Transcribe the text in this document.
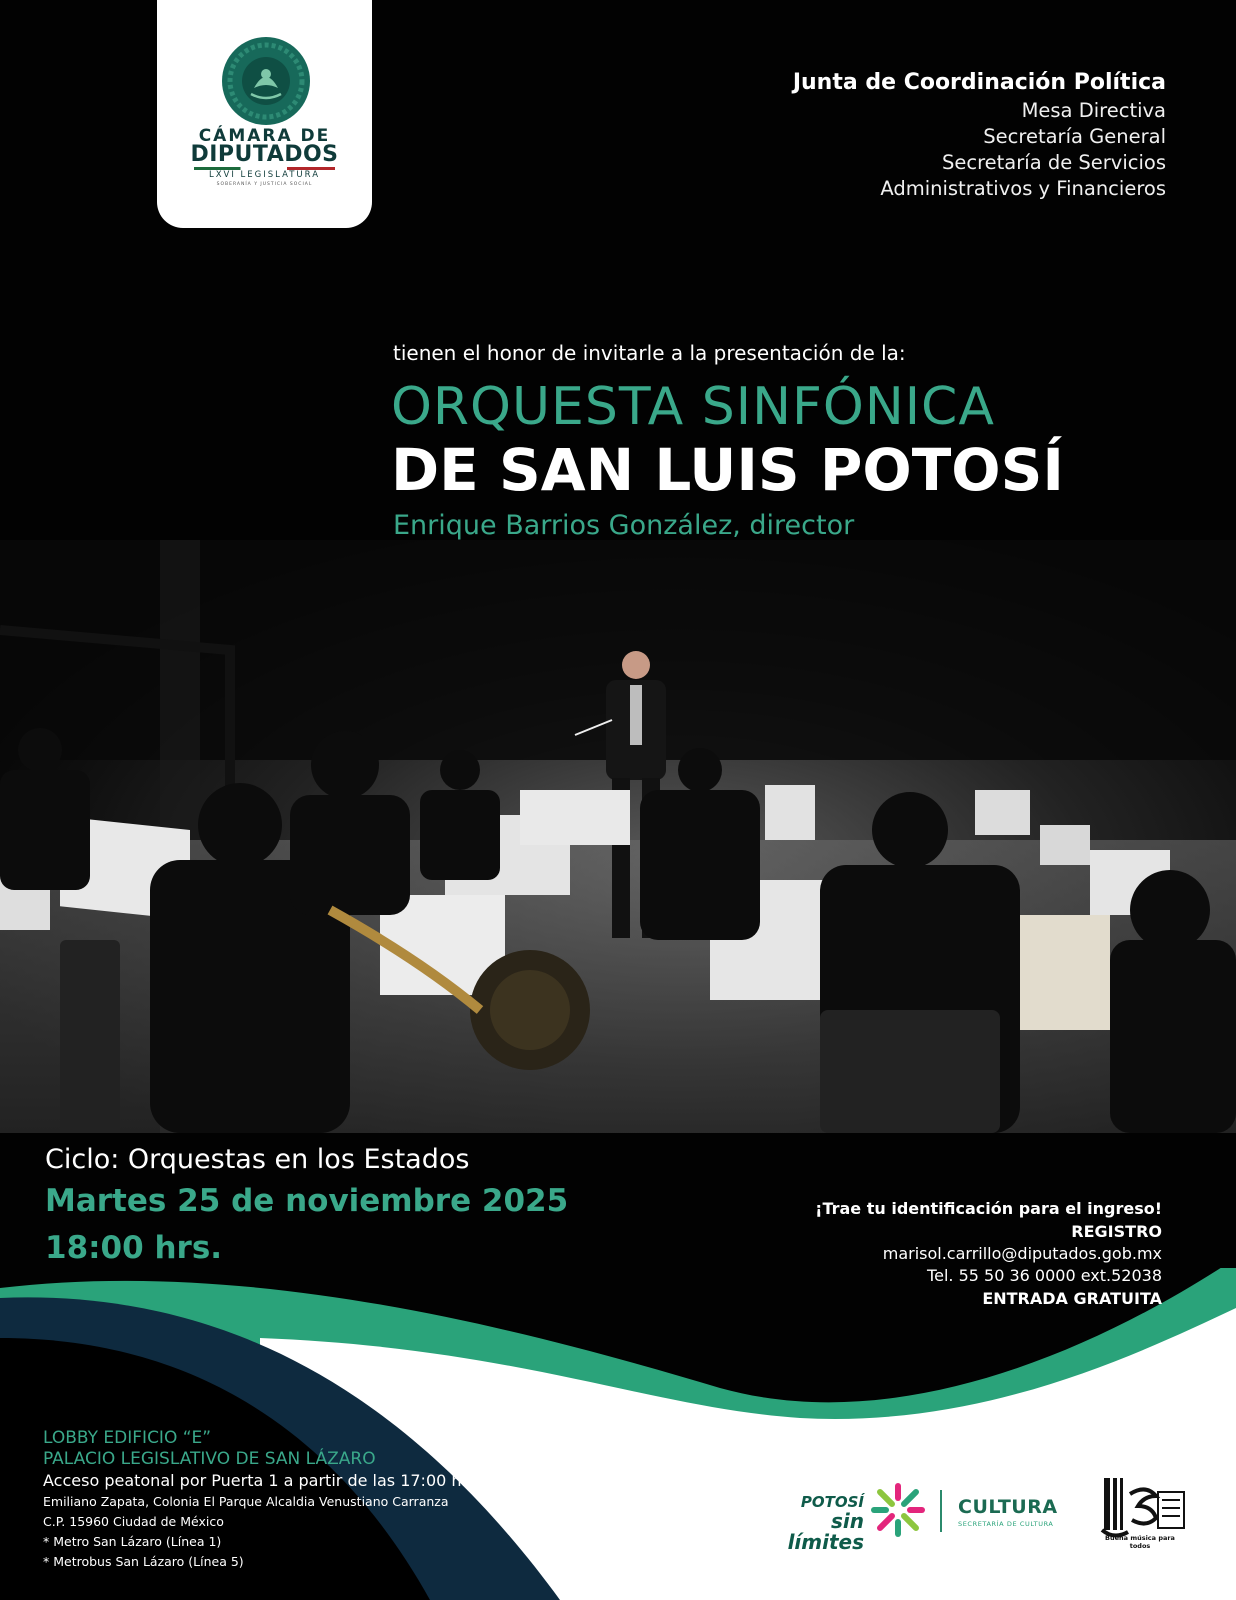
CÁMARA DE
DIPUTADOS
LXVI LEGISLATURA
SOBERANÍA Y JUSTICIA SOCIAL
Junta de Coordinación Política
Mesa Directiva
Secretaría General
Secretaría de Servicios
Administrativos y Financieros
tienen el honor de invitarle a la presentación de la:
ORQUESTA SINFÓNICA
DE SAN LUIS POTOSÍ
Enrique Barrios González, director
Ciclo: Orquestas en los Estados
Martes 25 de noviembre 2025
18:00 hrs.
¡Trae tu identificación para el ingreso!
REGISTRO
marisol.carrillo@diputados.gob.mx
Tel. 55 50 36 0000 ext.52038
ENTRADA GRATUITA
LOBBY EDIFICIO “E”
PALACIO LEGISLATIVO DE SAN LÁZARO
Acceso peatonal por Puerta 1 a partir de las 17:00 hrs.
Emiliano Zapata, Colonia El Parque Alcaldia Venustiano Carranza
C.P. 15960 Ciudad de México
* Metro San Lázaro (Línea 1)
* Metrobus San Lázaro (Línea 5)
POTOSÍ
sin límites
CULTURA
SECRETARÍA DE CULTURA
Buena música para todos
